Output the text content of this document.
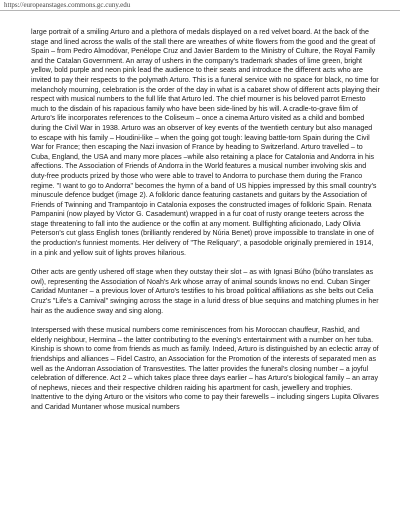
https://europeanstages.commons.gc.cuny.edu

large portrait of a smiling Arturo and a plethora of medals displayed on a red velvet board. At the back of the stage and lined across the walls of the stall there are wreathes of white flowers from the good and the great of Spain – from Pedro Almodóvar, Penélope Cruz and Javier Bardem to the Ministry of Culture, the Royal Family and the Catalan Government. An array of ushers in the company's trademark shades of lime green, bright yellow, bold purple and neon pink lead the audience to their seats and introduce the different acts who are invited to pay their respects to the polymath Arturo. This is a funeral service with no space for black, no time for melancholy mourning, celebration is the order of the day in what is a cabaret show of different acts playing their respect with musical numbers to the full life that Arturo led. The chief mourner is his beloved parrot Ernesto much to the disdain of his rapacious family who have been side-lined by his will. A cradle-to-grave film of Arturo's life incorporates references to the Coliseum – once a cinema Arturo visited as a child and bombed during the Civil War in 1938. Arturo was an observer of key events of the twentieth century but also managed to escape with his family – Houdini-like – when the going got tough: leaving battle-torn Spain during the Civil War for France; then escaping the Nazi invasion of France by heading to Switzerland. Arturo travelled – to Cuba, England, the USA and many more places –while also retaining a place for Catalonia and Andorra in his affections. The Association of Friends of Andorra in the World features a musical number involving skis and duty-free products prized by those who were able to travel to Andorra to purchase them during the Franco regime. "I want to go to Andorra" becomes the hymn of a band of US hippies impressed by this small country's minuscule defence budget (image 2). A folkloric dance featuring castanets and guitars by the Association of Friends of Twinning and Trampantojo in Catalonia exposes the constructed images of folkloric Spain. Renata Pampanini (now played by Victor G. Casademunt) wrapped in a fur coat of rusty orange teeters across the stage threatening to fall into the audience or the coffin at any moment. Bullfighting aficionado, Lady Olivia Peterson's cut glass English tones (brilliantly rendered by Núria Benet) prove impossible to translate in one of the production's funniest moments. Her delivery of "The Reliquary", a pasodoble originally premiered in 1914, in a pink and yellow suit of lights proves hilarious.

Other acts are gently ushered off stage when they outstay their slot – as with Ignasi Búho (búho translates as owl), representing the Association of Noah's Ark whose array of animal sounds knows no end. Cuban Singer Caridad Muntaner – a previous lover of Arturo's testifies to his broad political affiliations as she belts out Celia Cruz's "Life's a Carnival" swinging across the stage in a lurid dress of blue sequins and matching plumes in her hair as the audience sway and sing along.

Interspersed with these musical numbers come reminiscences from his Moroccan chauffeur, Rashid, and elderly neighbour, Hermina – the latter contributing to the evening's entertainment with a number on her tuba. Kinship is shown to come from friends as much as family. Indeed, Arturo is distinguished by an eclectic array of friendships and alliances – Fidel Castro, an Association for the Promotion of the interests of separated men as well as the Andorran Association of Transvestites. The latter provides the funeral's closing number – a joyful celebration of difference. Act 2 – which takes place three days earlier – has Arturo's biological family – an array of nephews, nieces and their respective children raiding his apartment for cash, jewellery and trophies. Inattentive to the dying Arturo or the visitors who come to pay their farewells – including singers Lupita Olivares and Caridad Muntaner whose musical numbers
